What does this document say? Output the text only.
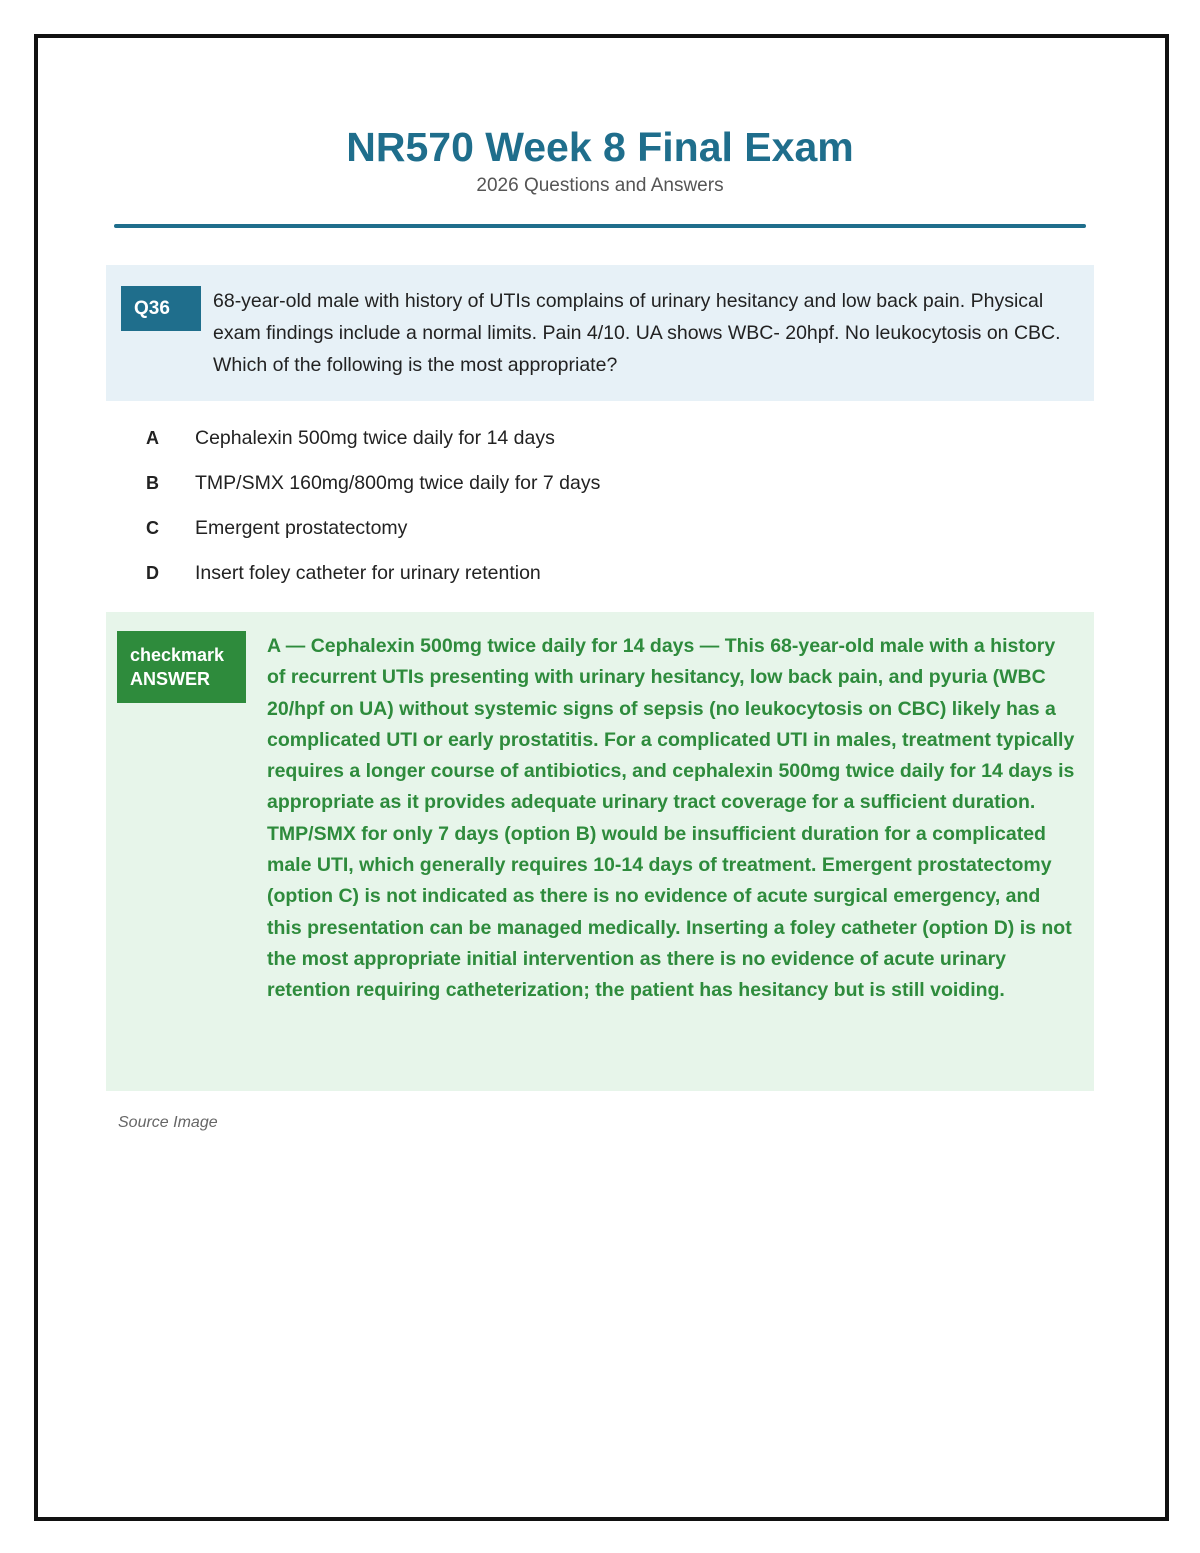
NR570 Week 8 Final Exam

2026 Questions and Answers

Q36	68-year-old male with history of UTIs complains of urinary hesitancy and low back pain. Physical exam findings include a normal limits. Pain 4/10. UA shows WBC- 20hpf. No leukocytosis on CBC. Which of the following is the most appropriate?
A Cephalexin 500mg twice daily for 14 days
B TMP/SMX 160mg/800mg twice daily for 7 days
C Emergent prostatectomy
D Insert foley catheter for urinary retention
checkmark
ANSWER
A — Cephalexin 500mg twice daily for 14 days — This 68-year-old male with a history of recurrent UTIs presenting with urinary hesitancy, low back pain, and pyuria (WBC 20/hpf on UA) without systemic signs of sepsis (no leukocytosis on CBC) likely has a complicated UTI or early prostatitis. For a complicated UTI in males, treatment typically requires a longer course of antibiotics, and cephalexin 500mg twice daily for 14 days is appropriate as it provides adequate urinary tract coverage for a sufficient duration. TMP/SMX for only 7 days (option B) would be insufficient duration for a complicated male UTI, which generally requires 10-14 days of treatment. Emergent prostatectomy (option C) is not indicated as there is no evidence of acute surgical emergency, and this presentation can be managed medically. Inserting a foley catheter (option D) is not the most appropriate initial intervention as there is no evidence of acute urinary retention requiring catheterization; the patient has hesitancy but is still voiding.
Source Image
